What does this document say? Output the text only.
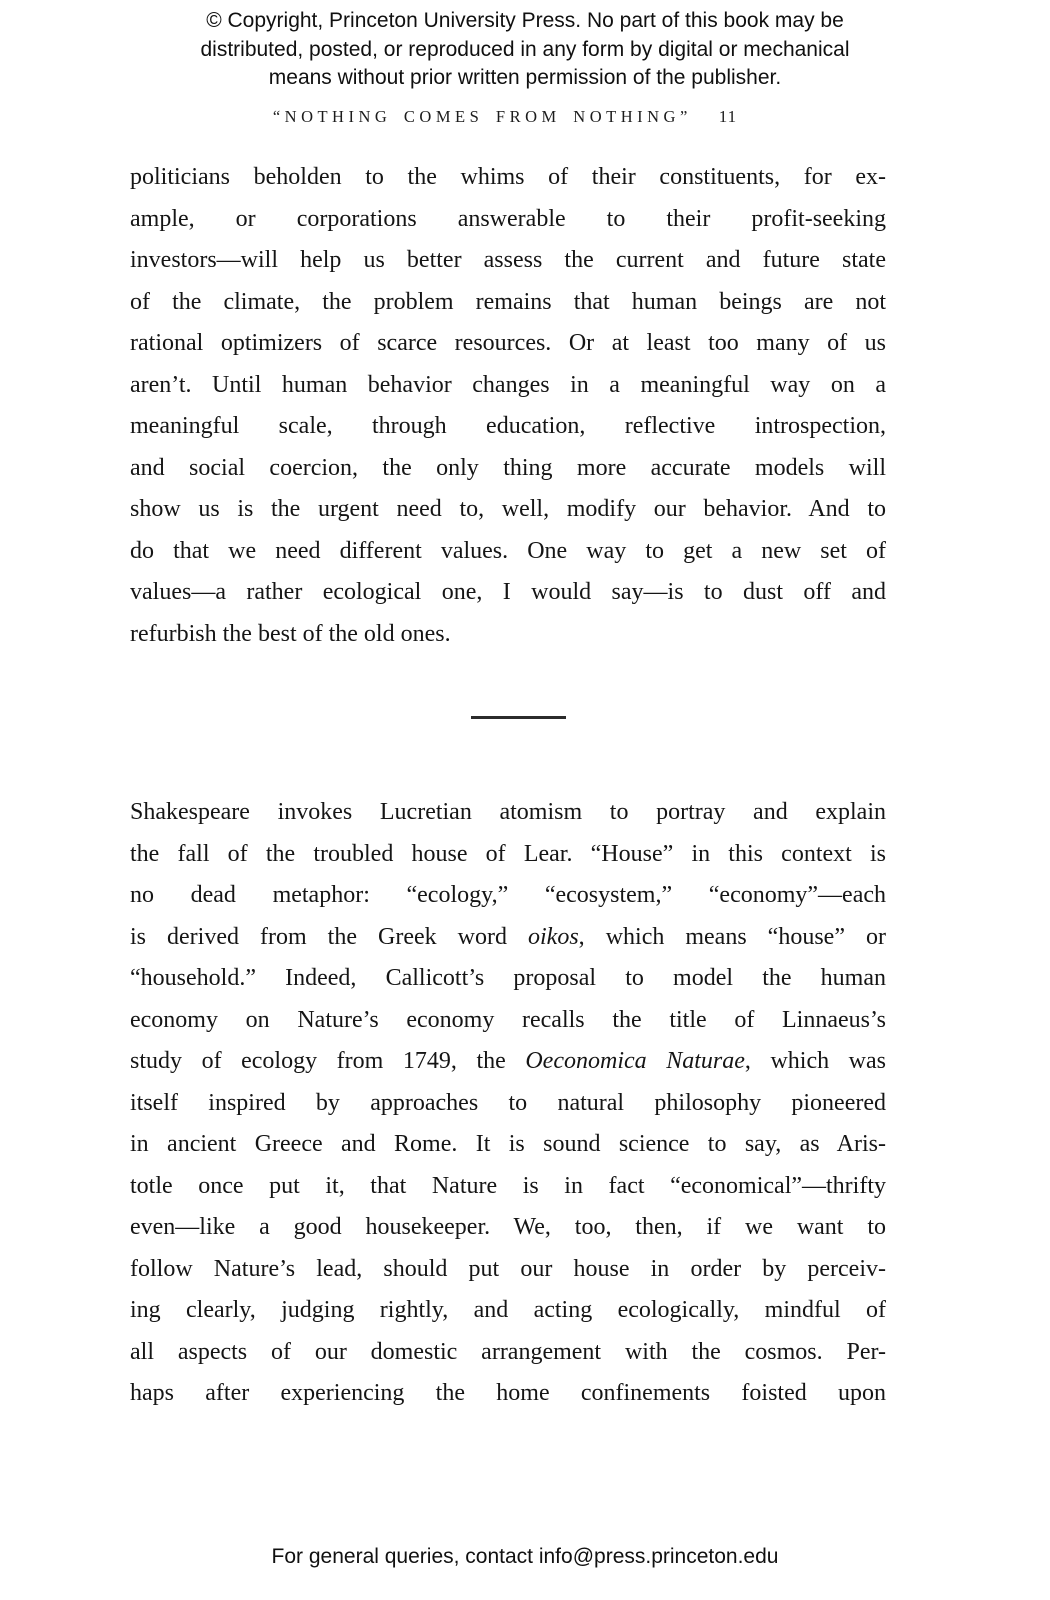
© Copyright, Princeton University Press. No part of this book may be
distributed, posted, or reproduced in any form by digital or mechanical
means without prior written permission of the publisher.
“NOTHING COMES FROM NOTHING” 11
politicians beholden to the whims of their constituents, for ex-
ample, or corporations answerable to their profit-seeking
investors—will help us better assess the current and future state
of the climate, the problem remains that human beings are not
rational optimizers of scarce resources. Or at least too many of us
aren’t. Until human behavior changes in a meaningful way on a
meaningful scale, through education, reflective introspection,
and social coercion, the only thing more accurate models will
show us is the urgent need to, well, modify our behavior. And to
do that we need different values. One way to get a new set of
values—a rather ecological one, I would say—is to dust off and
refurbish the best of the old ones.
Shakespeare invokes Lucretian atomism to portray and explain
the fall of the troubled house of Lear. “House” in this context is
no dead metaphor: “ecology,” “ecosystem,” “economy”—each
is derived from the Greek word oikos, which means “house” or
“household.” Indeed, Callicott’s proposal to model the human
economy on Nature’s economy recalls the title of Linnaeus’s
study of ecology from 1749, the Oeconomica Naturae, which was
itself inspired by approaches to natural philosophy pioneered
in ancient Greece and Rome. It is sound science to say, as Aris-
totle once put it, that Nature is in fact “economical”—thrifty
even—like a good housekeeper. We, too, then, if we want to
follow Nature’s lead, should put our house in order by perceiv-
ing clearly, judging rightly, and acting ecologically, mindful of
all aspects of our domestic arrangement with the cosmos. Per-
haps after experiencing the home confinements foisted upon
For general queries, contact info@press.princeton.edu
